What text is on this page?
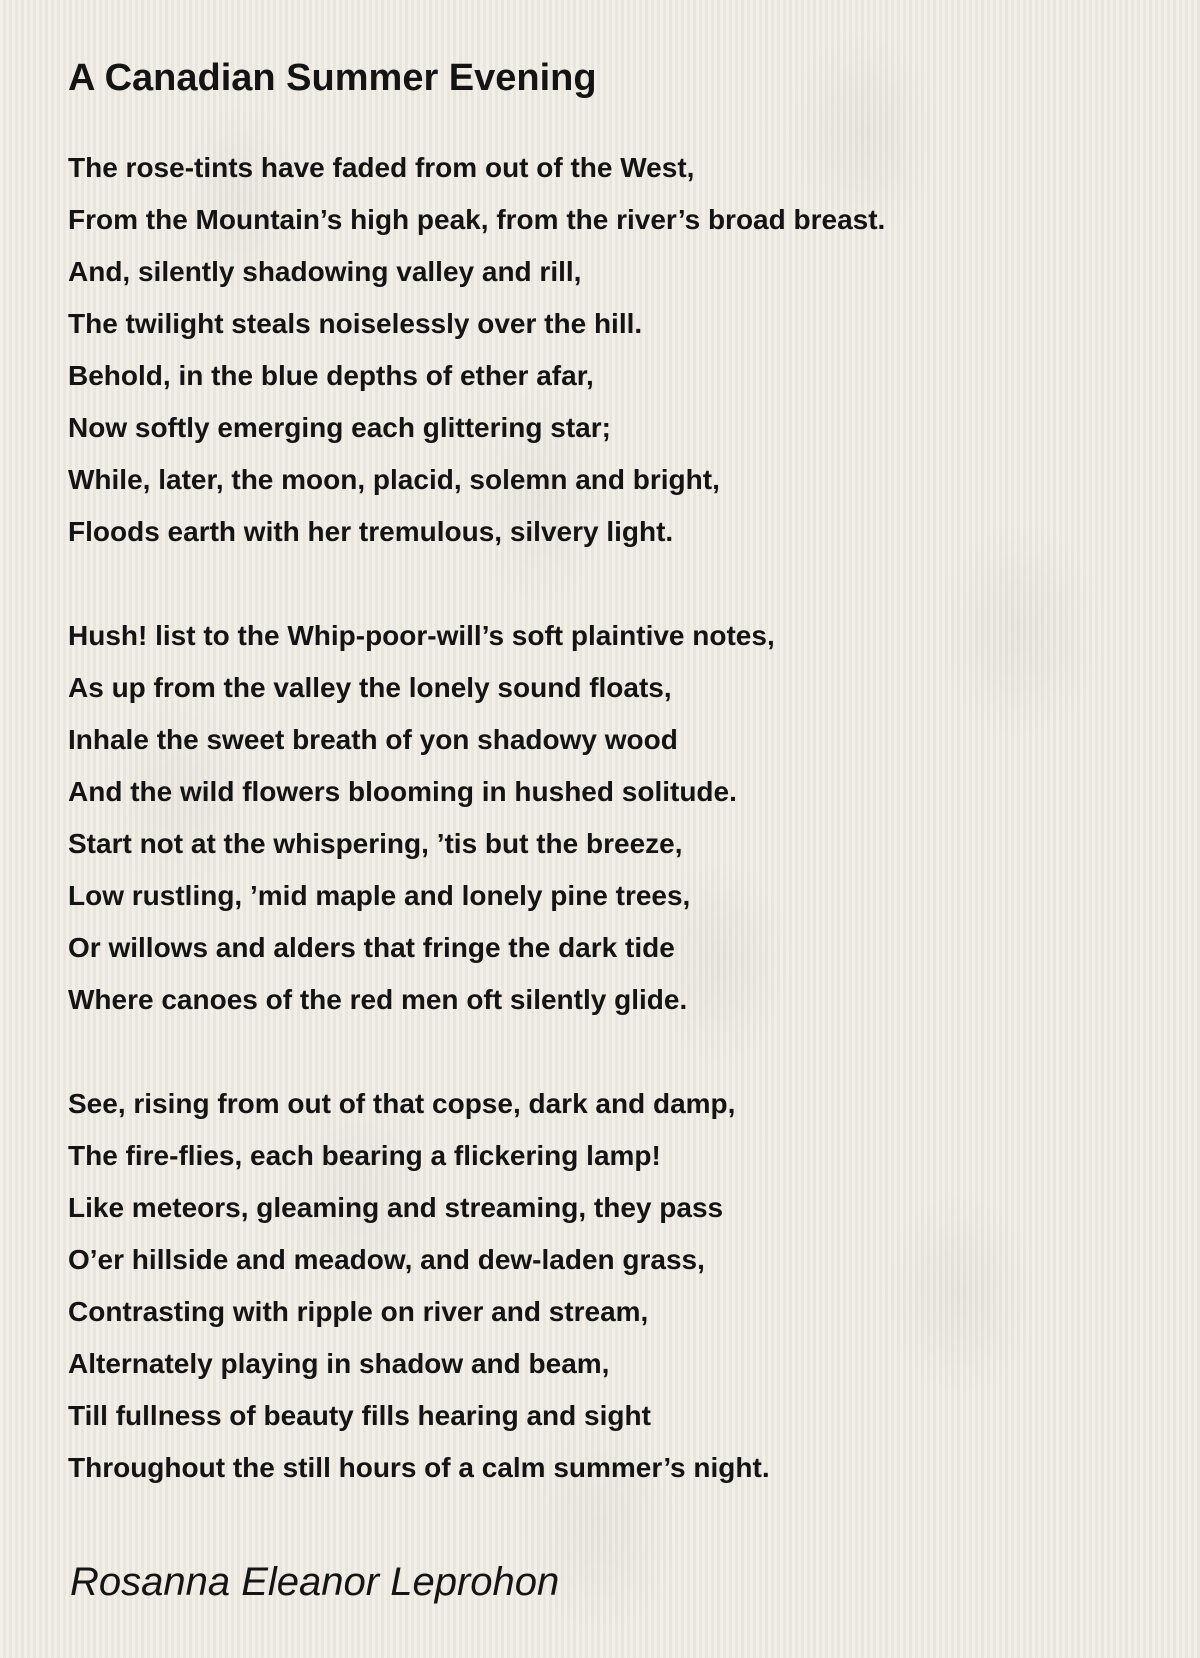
A Canadian Summer Evening
The rose-tints have faded from out of the West,
From the Mountain’s high peak, from the river’s broad breast.
And, silently shadowing valley and rill,
The twilight steals noiselessly over the hill.
Behold, in the blue depths of ether afar,
Now softly emerging each glittering star;
While, later, the moon, placid, solemn and bright,
Floods earth with her tremulous, silvery light.
Hush! list to the Whip-poor-will’s soft plaintive notes,
As up from the valley the lonely sound floats,
Inhale the sweet breath of yon shadowy wood
And the wild flowers blooming in hushed solitude.
Start not at the whispering, ’tis but the breeze,
Low rustling, ’mid maple and lonely pine trees,
Or willows and alders that fringe the dark tide
Where canoes of the red men oft silently glide.
See, rising from out of that copse, dark and damp,
The fire-flies, each bearing a flickering lamp!
Like meteors, gleaming and streaming, they pass
O’er hillside and meadow, and dew-laden grass,
Contrasting with ripple on river and stream,
Alternately playing in shadow and beam,
Till fullness of beauty fills hearing and sight
Throughout the still hours of a calm summer’s night.
Rosanna Eleanor Leprohon
